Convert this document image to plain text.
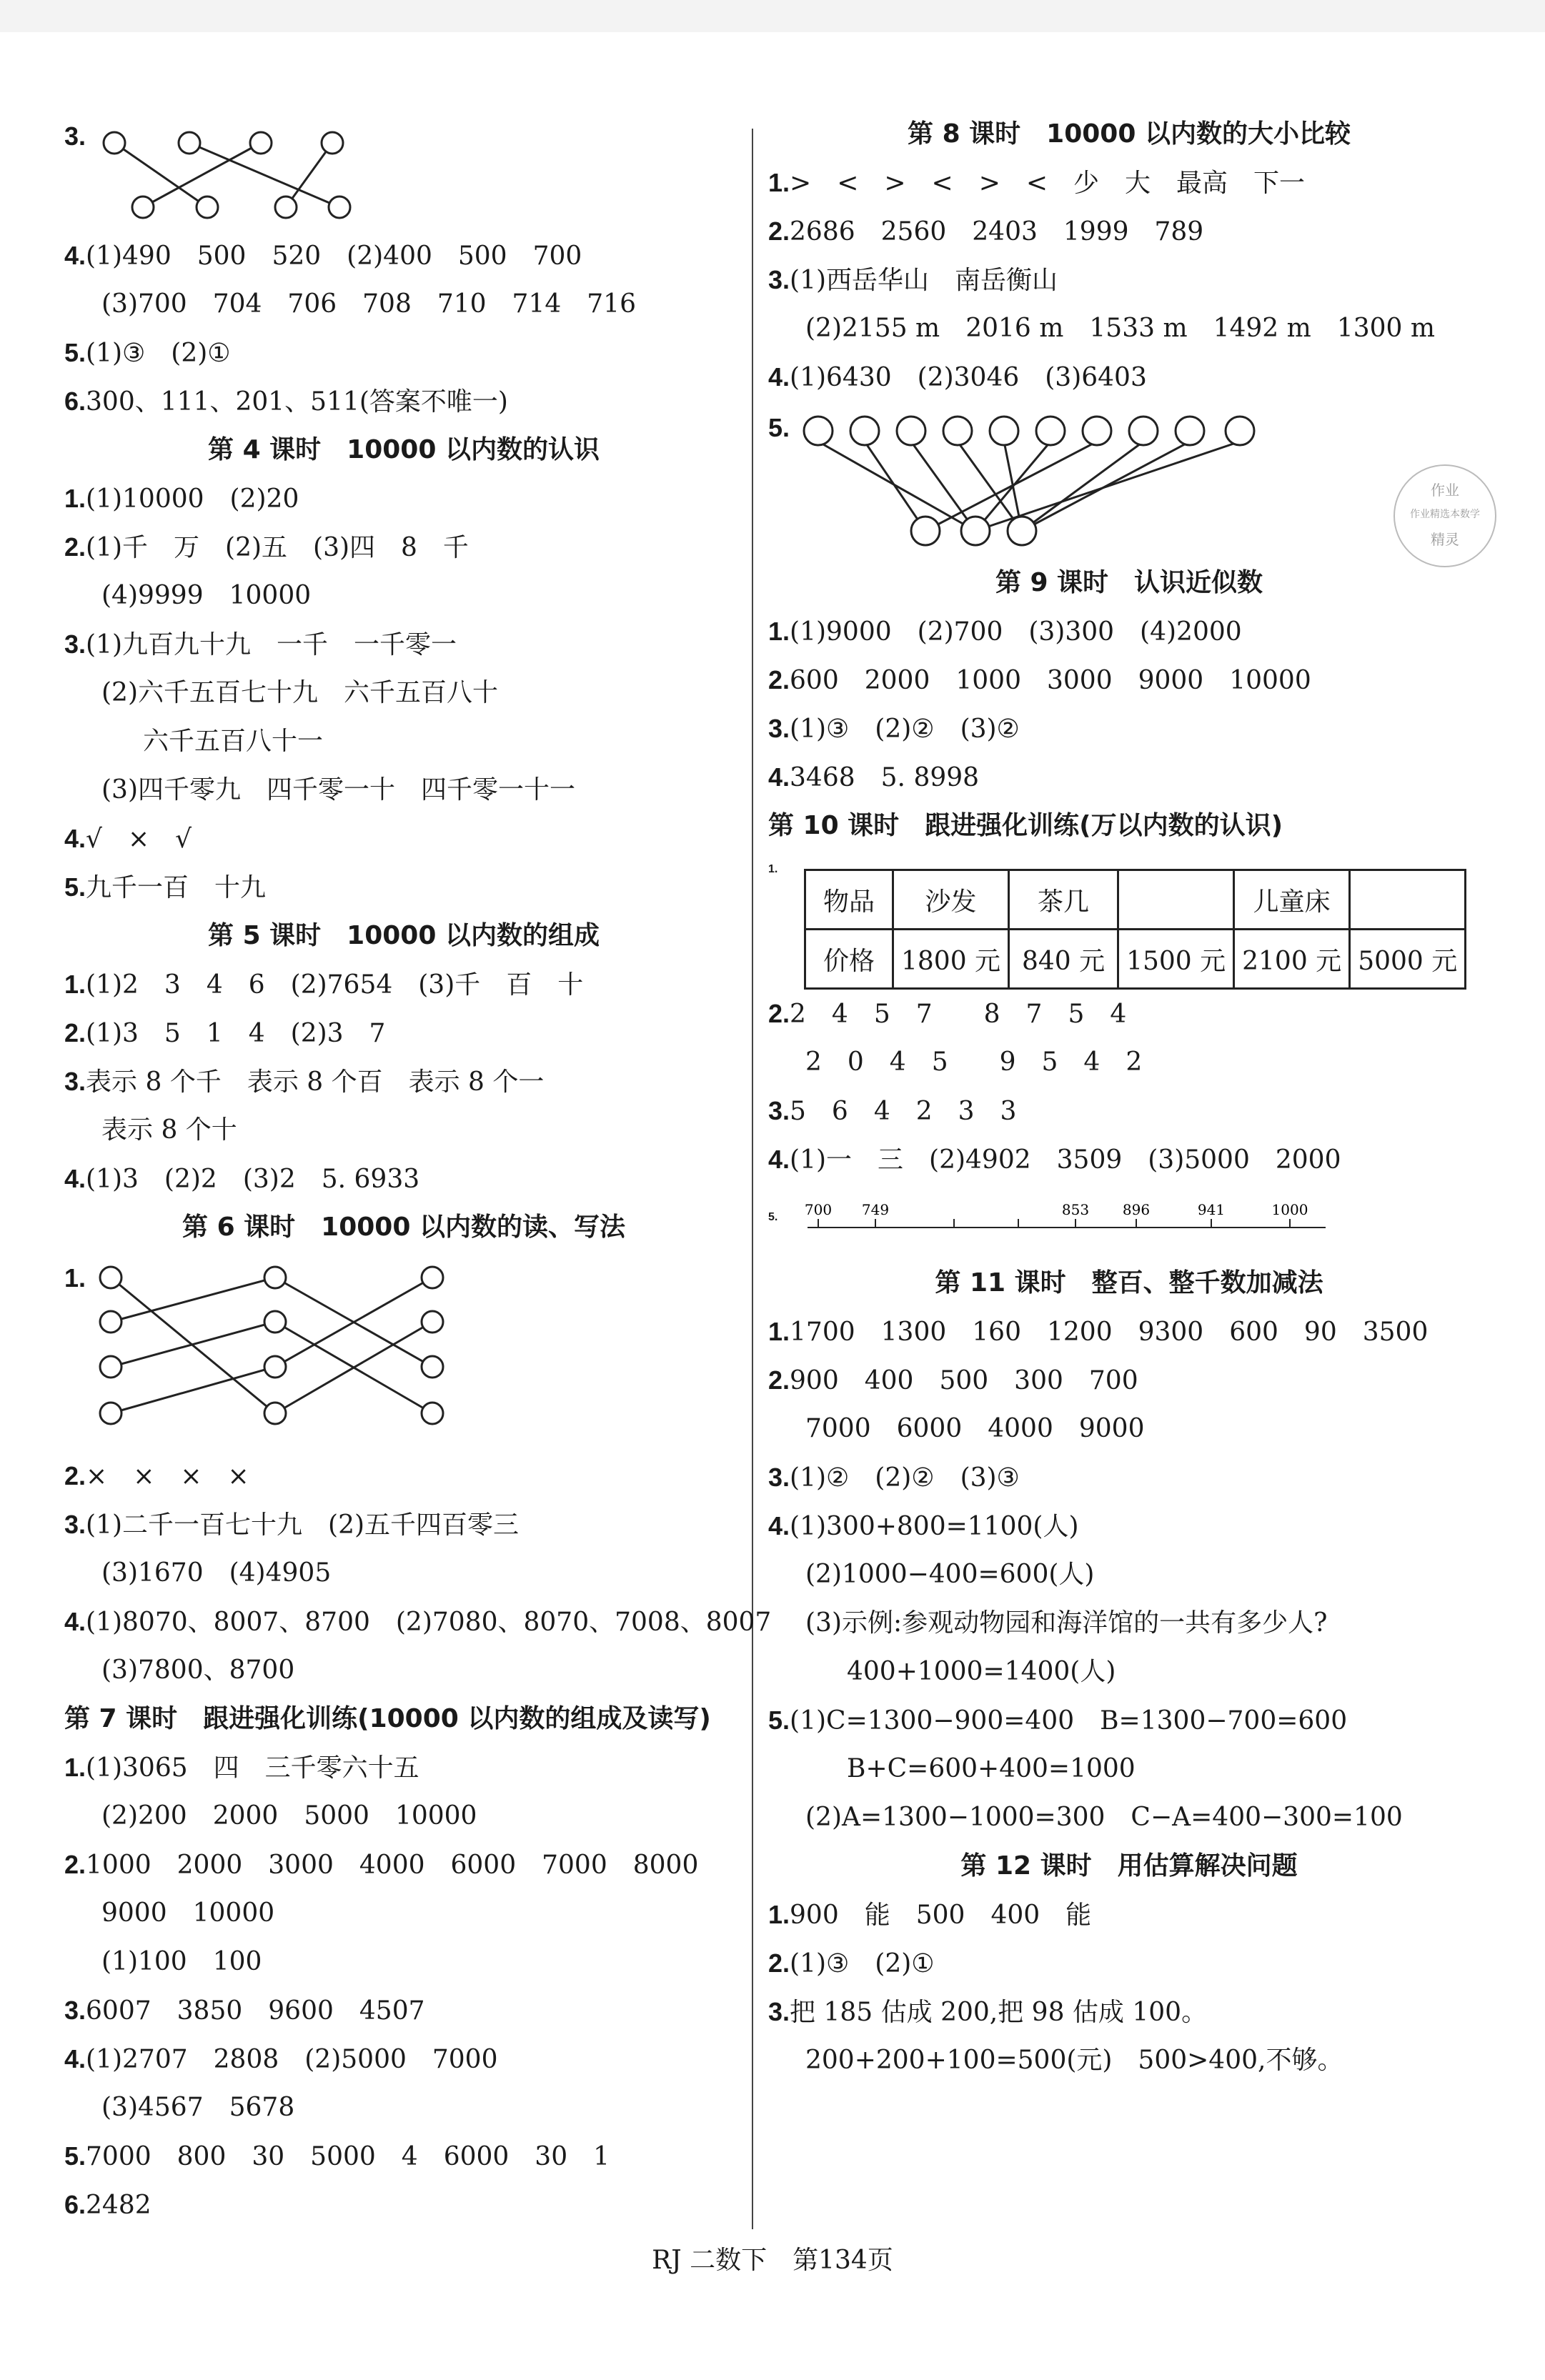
3.
4.(1)490　500　520　(2)400　500　700
(3)700　704　706　708　710　714　716
5.(1)③　(2)①
6.300、111、201、511(答案不唯一)
第 4 课时　10000 以内数的认识
1.(1)10000　(2)20
2.(1)千　万　(2)五　(3)四　8　千
(4)9999　10000
3.(1)九百九十九　一千　一千零一
(2)六千五百七十九　六千五百八十
六千五百八十一
(3)四千零九　四千零一十　四千零一十一
4.√　×　√
5.九千一百　十九
第 5 课时　10000 以内数的组成
1.(1)2　3　4　6　(2)7654　(3)千　百　十
2.(1)3　5　1　4　(2)3　7
3.表示 8 个千　表示 8 个百　表示 8 个一
表示 8 个十
4.(1)3　(2)2　(3)2　5. 6933
第 6 课时　10000 以内数的读、写法
1.
2.×　×　×　×
3.(1)二千一百七十九　(2)五千四百零三
(3)1670　(4)4905
4.(1)8070、8007、8700　(2)7080、8070、7008、8007
(3)7800、8700
第 7 课时　跟进强化训练(10000 以内数的组成及读写)
1.(1)3065　四　三千零六十五
(2)200　2000　5000　10000
2.1000　2000　3000　4000　6000　7000　8000
9000　10000
(1)100　100
3.6007　3850　9600　4507
4.(1)2707　2808　(2)5000　7000
(3)4567　5678
5.7000　800　30　5000　4　6000　30　1
6.2482
第 8 课时　10000 以内数的大小比较
1.>　<　>　<　>　<　少　大　最高　下一
2.2686　2560　2403　1999　789
3.(1)西岳华山　南岳衡山
(2)2155 m　2016 m　1533 m　1492 m　1300 m
4.(1)6430　(2)3046　(3)6403
5.
第 9 课时　认识近似数
1.(1)9000　(2)700　(3)300　(4)2000
2.600　2000　1000　3000　9000　10000
3.(1)③　(2)②　(3)②
4.3468　5. 8998
第 10 课时　跟进强化训练(万以内数的认识)
1.
物品	沙发	茶几		儿童床	
价格	1800 元	840 元	1500 元	2100 元	5000 元
2.2　4　5　7　　8　7　5　4
2　0　4　5　　9　5　4　2
3.5　6　4　2　3　3
4.(1)一　三　(2)4902　3509　(3)5000　2000
5. 700 749	853 896	941	1000
第 11 课时　整百、整千数加减法
1.1700　1300　160　1200　9300　600　90　3500
2.900　400　500　300　700
7000　6000　4000　9000
3.(1)②　(2)②　(3)③
4.(1)300+800=1100(人)
(2)1000−400=600(人)
(3)示例:参观动物园和海洋馆的一共有多少人?
400+1000=1400(人)
5.(1)C=1300−900=400　B=1300−700=600
B+C=600+400=1000
(2)A=1300−1000=300　C−A=400−300=100
第 12 课时　用估算解决问题
1.900　能　500　400　能
2.(1)③　(2)①
3.把 185 估成 200,把 98 估成 100。
200+200+100=500(元)　500>400,不够。
作业
作业精选本数学
精灵
RJ 二数下　第134页
